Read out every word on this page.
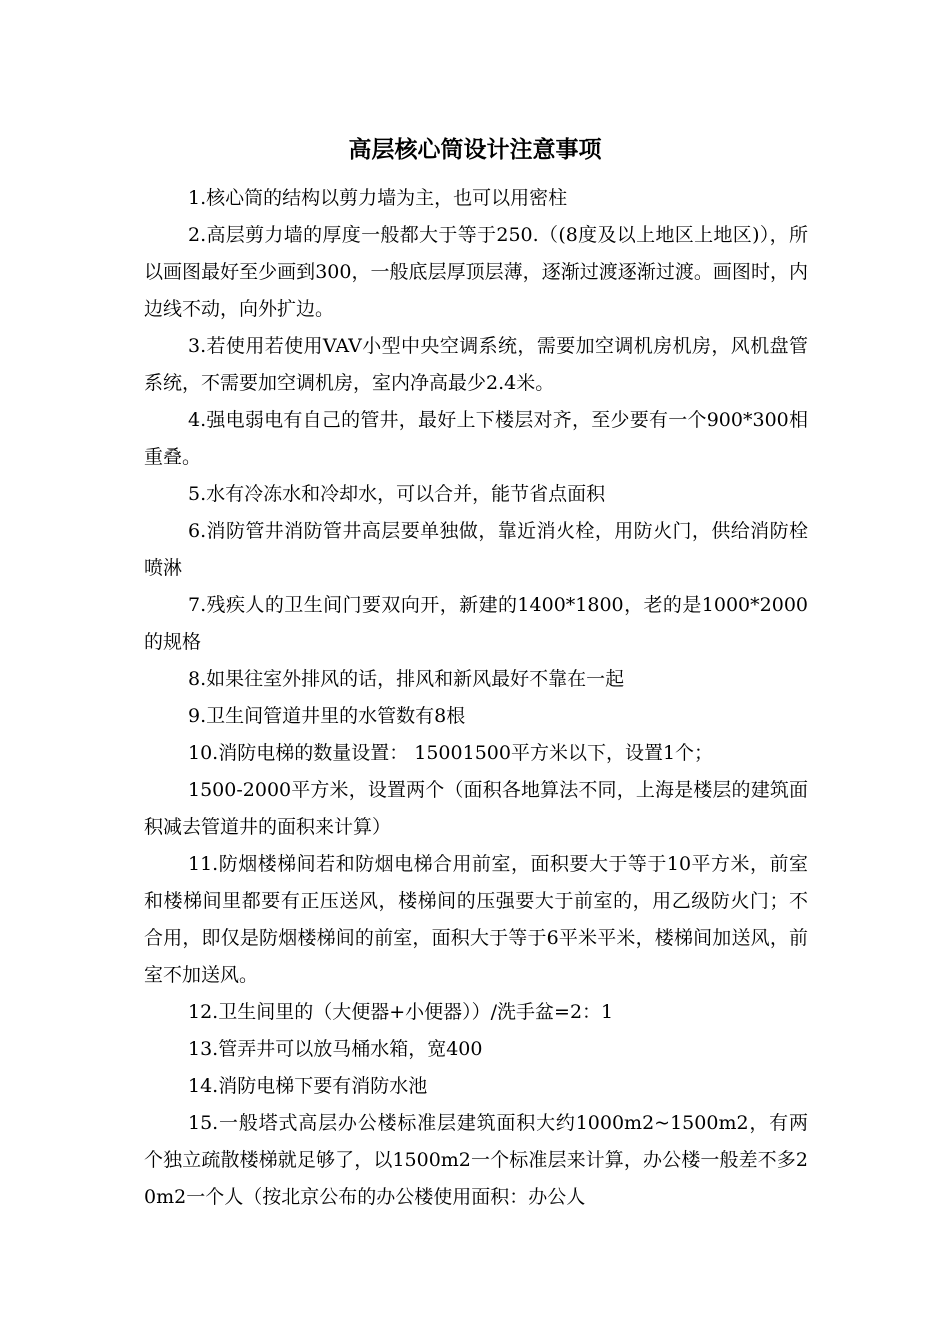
高层核心筒设计注意事项

1.核心筒的结构以剪力墙为主，也可以用密柱

2.高层剪力墙的厚度一般都大于等于250.（(8度及以上地区上地区)），所以画图最好至少画到300，一般底层厚顶层薄，逐渐过渡逐渐过渡。画图时，内边线不动，向外扩边。

3.若使用若使用VAV小型中央空调系统，需要加空调机房机房，风机盘管系统，不需要加空调机房，室内净高最少2.4米。

4.强电弱电有自己的管井，最好上下楼层对齐，至少要有一个900*300相重叠。

5.水有冷冻水和冷却水，可以合并，能节省点面积

6.消防管井消防管井高层要单独做，靠近消火栓，用防火门，供给消防栓喷淋

7.残疾人的卫生间门要双向开，新建的1400*1800，老的是1000*2000的规格

8.如果往室外排风的话，排风和新风最好不靠在一起

9.卫生间管道井里的水管数有8根

10.消防电梯的数量设置： 15001500平方米以下，设置1个；

1500-2000平方米，设置两个（面积各地算法不同，上海是楼层的建筑面积减去管道井的面积来计算）

11.防烟楼梯间若和防烟电梯合用前室，面积要大于等于10平方米，前室和楼梯间里都要有正压送风，楼梯间的压强要大于前室的，用乙级防火门；不合用，即仅是防烟楼梯间的前室，面积大于等于6平米平米，楼梯间加送风，前室不加送风。

12.卫生间里的（大便器+小便器））/洗手盆=2：1

13.管弄井可以放马桶水箱，宽400

14.消防电梯下要有消防水池

15.一般塔式高层办公楼标准层建筑面积大约1000m2~1500m2，有两个独立疏散楼梯就足够了，以1500m2一个标准层来计算，办公楼一般差不多20m2一个人（按北京公布的办公楼使用面积：办公人
